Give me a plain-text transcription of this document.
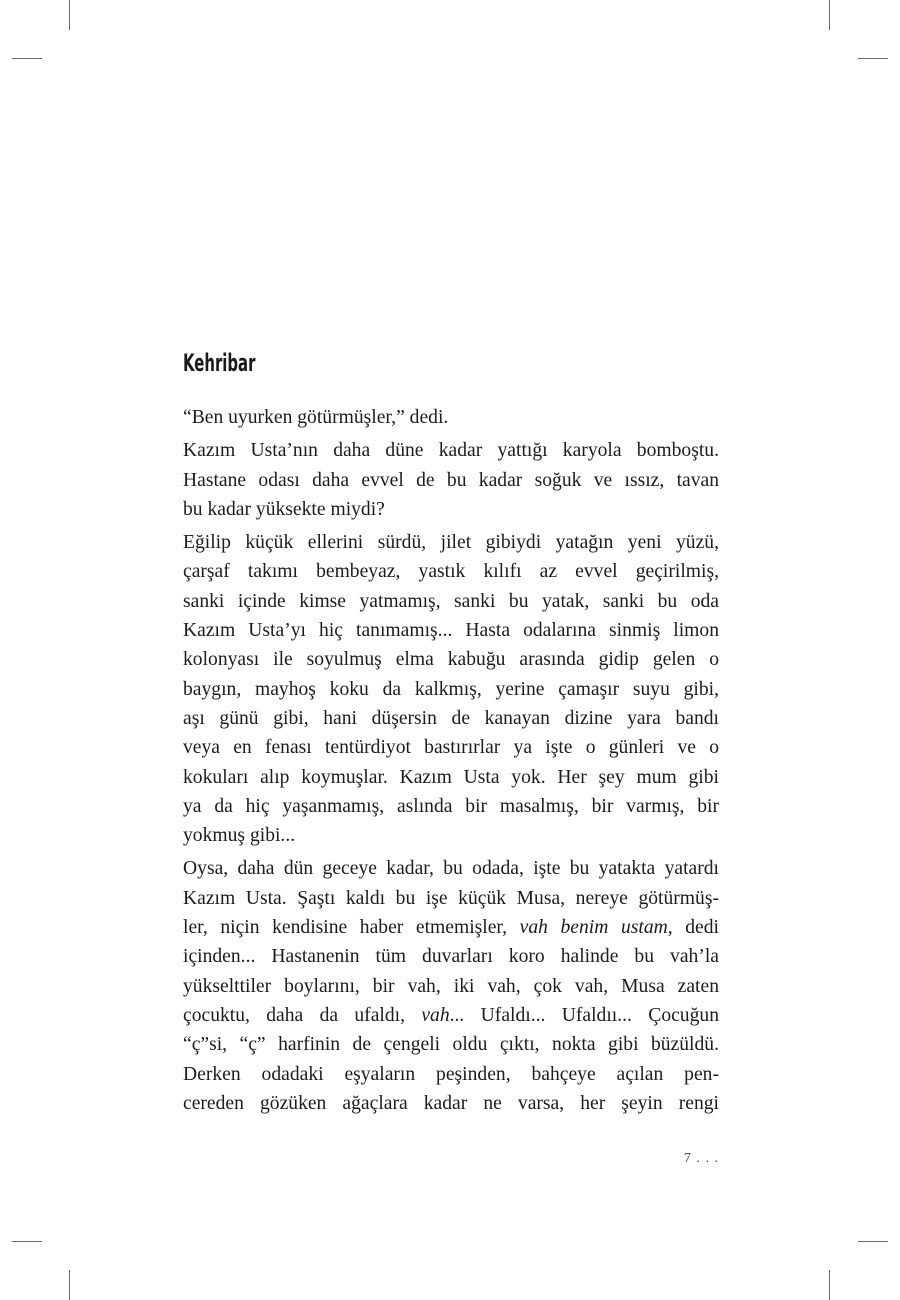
Kehribar
“Ben uyurken götürmüşler,” dedi.
Kazım Usta’nın daha düne kadar yattığı karyola bomboştu.
Hastane odası daha evvel de bu kadar soğuk ve ıssız, tavan
bu kadar yüksekte miydi?
Eğilip küçük ellerini sürdü, jilet gibiydi yatağın yeni yüzü,
çarşaf takımı bembeyaz, yastık kılıfı az evvel geçirilmiş,
sanki içinde kimse yatmamış, sanki bu yatak, sanki bu oda
Kazım Usta’yı hiç tanımamış... Hasta odalarına sinmiş limon
kolonyası ile soyulmuş elma kabuğu arasında gidip gelen o
baygın, mayhoş koku da kalkmış, yerine çamaşır suyu gibi,
aşı günü gibi, hani düşersin de kanayan dizine yara bandı
veya en fenası tentürdiyot bastırırlar ya işte o günleri ve o
kokuları alıp koymuşlar. Kazım Usta yok. Her şey mum gibi
ya da hiç yaşanmamış, aslında bir masalmış, bir varmış, bir
yokmuş gibi...
Oysa, daha dün geceye kadar, bu odada, işte bu yatakta yatardı
Kazım Usta. Şaştı kaldı bu işe küçük Musa, nereye götürmüş-
ler, niçin kendisine haber etmemişler, vah benim ustam, dedi
içinden... Hastanenin tüm duvarları koro halinde bu vah’la
yükselttiler boylarını, bir vah, iki vah, çok vah, Musa zaten
çocuktu, daha da ufaldı, vah... Ufaldı... Ufaldıı... Çocuğun
“ç”si, “ç” harfinin de çengeli oldu çıktı, nokta gibi büzüldü.
Derken odadaki eşyaların peşinden, bahçeye açılan pen-
cereden gözüken ağaçlara kadar ne varsa, her şeyin rengi
7 . . .
